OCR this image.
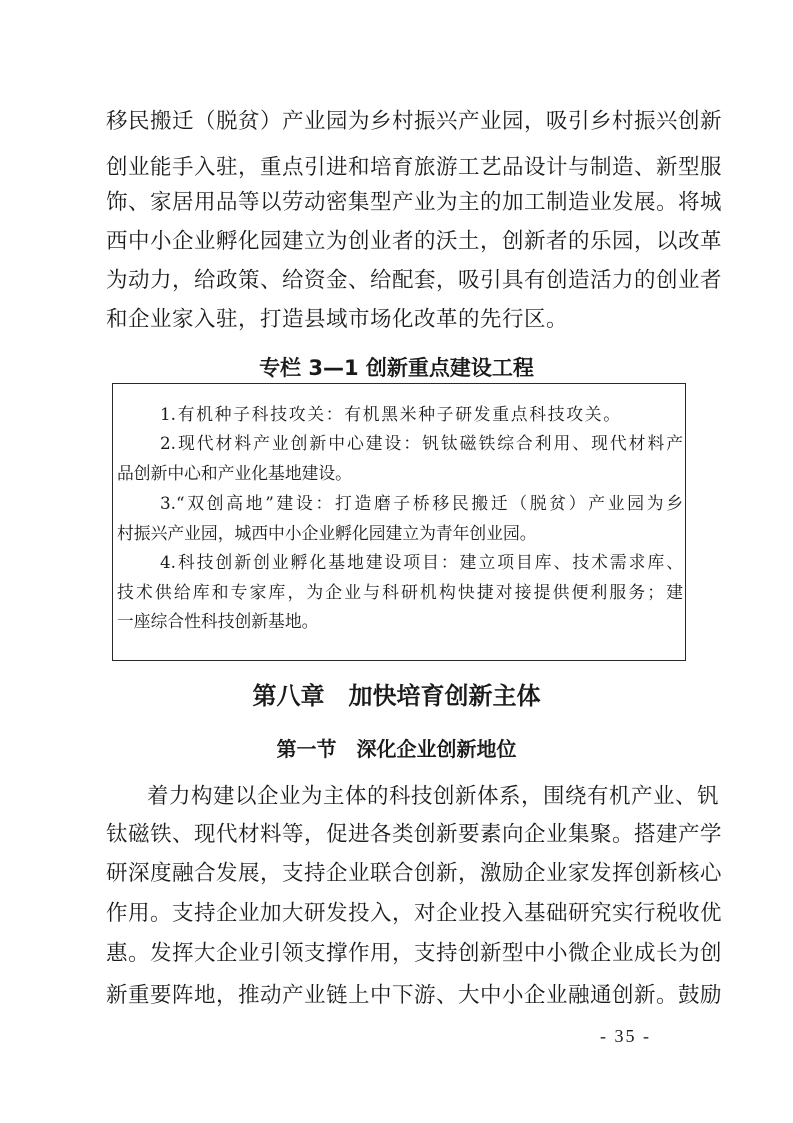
移民搬迁（脱贫）产业园为乡村振兴产业园，吸引乡村振兴创新
创业能手入驻，重点引进和培育旅游工艺品设计与制造、新型服
饰、家居用品等以劳动密集型产业为主的加工制造业发展。将城
西中小企业孵化园建立为创业者的沃土，创新者的乐园，以改革
为动力，给政策、给资金、给配套，吸引具有创造活力的创业者
和企业家入驻，打造县域市场化改革的先行区。
专栏 3—1 创新重点建设工程
1.有机种子科技攻关：有机黑米种子研发重点科技攻关。
2.现代材料产业创新中心建设：钒钛磁铁综合利用、现代材料产
品创新中心和产业化基地建设。
3.“双创高地”建设：打造磨子桥移民搬迁（脱贫）产业园为乡
村振兴产业园，城西中小企业孵化园建立为青年创业园。
4.科技创新创业孵化基地建设项目：建立项目库、技术需求库、
技术供给库和专家库，为企业与科研机构快捷对接提供便利服务；建
一座综合性科技创新基地。
第八章　加快培育创新主体
第一节　深化企业创新地位
着力构建以企业为主体的科技创新体系，围绕有机产业、钒
钛磁铁、现代材料等，促进各类创新要素向企业集聚。搭建产学
研深度融合发展，支持企业联合创新，激励企业家发挥创新核心
作用。支持企业加大研发投入，对企业投入基础研究实行税收优
惠。发挥大企业引领支撑作用，支持创新型中小微企业成长为创
新重要阵地，推动产业链上中下游、大中小企业融通创新。鼓励
- 35 -
